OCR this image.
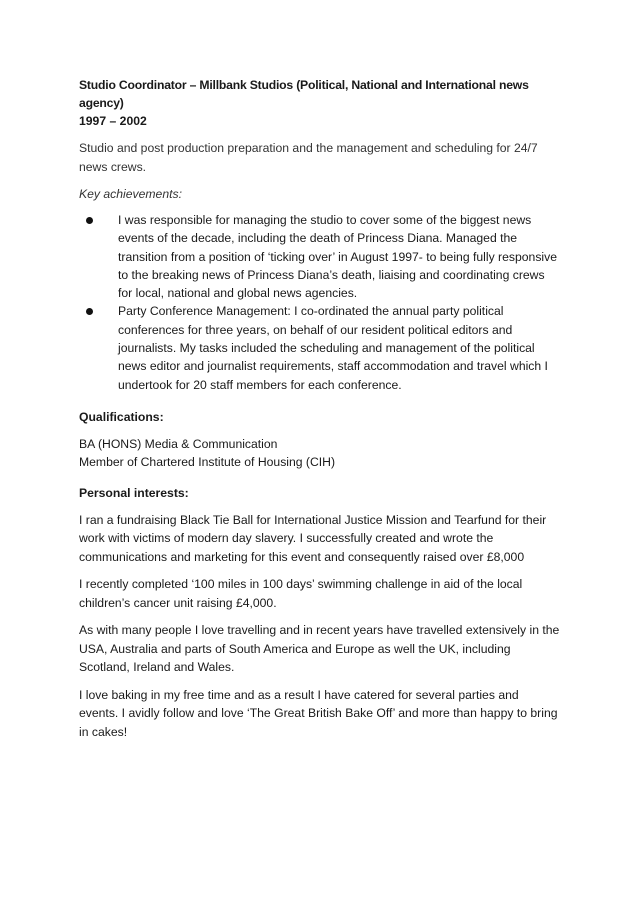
Studio Coordinator – Millbank Studios (Political, National and International news agency)

1997 – 2002

Studio and post production preparation and the management and scheduling for 24/7 news crews.

Key achievements:

I was responsible for managing the studio to cover some of the biggest news events of the decade, including the death of Princess Diana. Managed the transition from a position of ‘ticking over’ in August 1997- to being fully responsive to the breaking news of Princess Diana’s death, liaising and coordinating crews for local, national and global news agencies.
Party Conference Management: I co-ordinated the annual party political conferences for three years, on behalf of our resident political editors and journalists. My tasks included the scheduling and management of the political news editor and journalist requirements, staff accommodation and travel which I undertook for 20 staff members for each conference.

Qualifications:

BA (HONS) Media & Communication
Member of Chartered Institute of Housing (CIH)

Personal interests:

I ran a fundraising Black Tie Ball for International Justice Mission and Tearfund for their work with victims of modern day slavery. I successfully created and wrote the communications and marketing for this event and consequently raised over £8,000

I recently completed ‘100 miles in 100 days’ swimming challenge in aid of the local children’s cancer unit raising £4,000.

As with many people I love travelling and in recent years have travelled extensively in the USA, Australia and parts of South America and Europe as well the UK, including Scotland, Ireland and Wales.

I love baking in my free time and as a result I have catered for several parties and events. I avidly follow and love ‘The Great British Bake Off’ and more than happy to bring in cakes!
